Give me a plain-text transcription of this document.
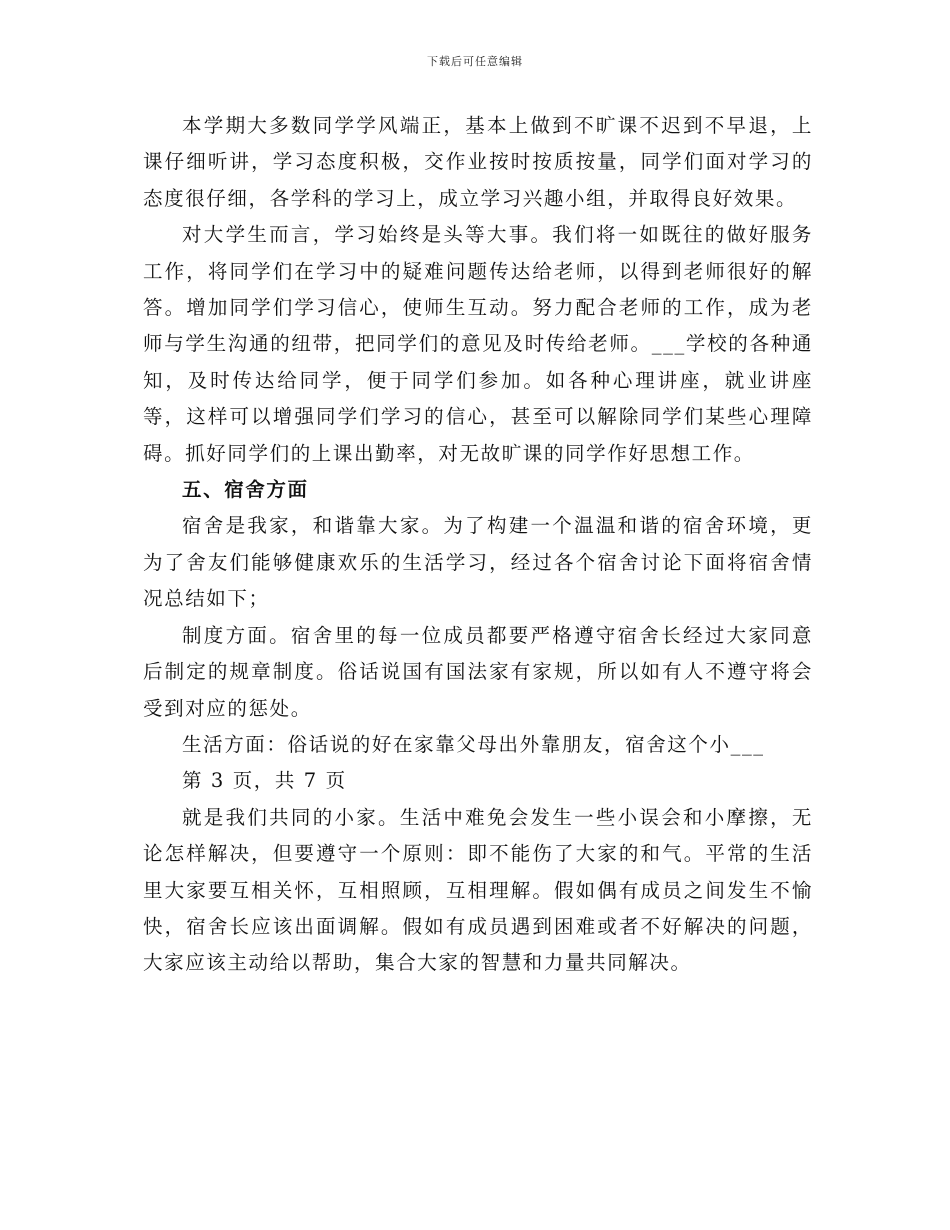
下载后可任意编辑

本学期大多数同学学风端正，基本上做到不旷课不迟到不早退，上课仔细听讲，学习态度积极，交作业按时按质按量，同学们面对学习的态度很仔细，各学科的学习上，成立学习兴趣小组，并取得良好效果。

对大学生而言，学习始终是头等大事。我们将一如既往的做好服务工作，将同学们在学习中的疑难问题传达给老师，以得到老师很好的解答。增加同学们学习信心，使师生互动。努力配合老师的工作，成为老师与学生沟通的纽带，把同学们的意见及时传给老师。___学校的各种通知，及时传达给同学，便于同学们参加。如各种心理讲座，就业讲座等，这样可以增强同学们学习的信心，甚至可以解除同学们某些心理障碍。抓好同学们的上课出勤率，对无故旷课的同学作好思想工作。

五、宿舍方面

宿舍是我家，和谐靠大家。为了构建一个温温和谐的宿舍环境，更为了舍友们能够健康欢乐的生活学习，经过各个宿舍讨论下面将宿舍情况总结如下；

制度方面。宿舍里的每一位成员都要严格遵守宿舍长经过大家同意后制定的规章制度。俗话说国有国法家有家规，所以如有人不遵守将会受到对应的惩处。

生活方面：俗话说的好在家靠父母出外靠朋友，宿舍这个小___

第 3 页，共 7 页

就是我们共同的小家。生活中难免会发生一些小误会和小摩擦，无论怎样解决，但要遵守一个原则：即不能伤了大家的和气。平常的生活里大家要互相关怀，互相照顾，互相理解。假如偶有成员之间发生不愉快，宿舍长应该出面调解。假如有成员遇到困难或者不好解决的问题，大家应该主动给以帮助，集合大家的智慧和力量共同解决。
